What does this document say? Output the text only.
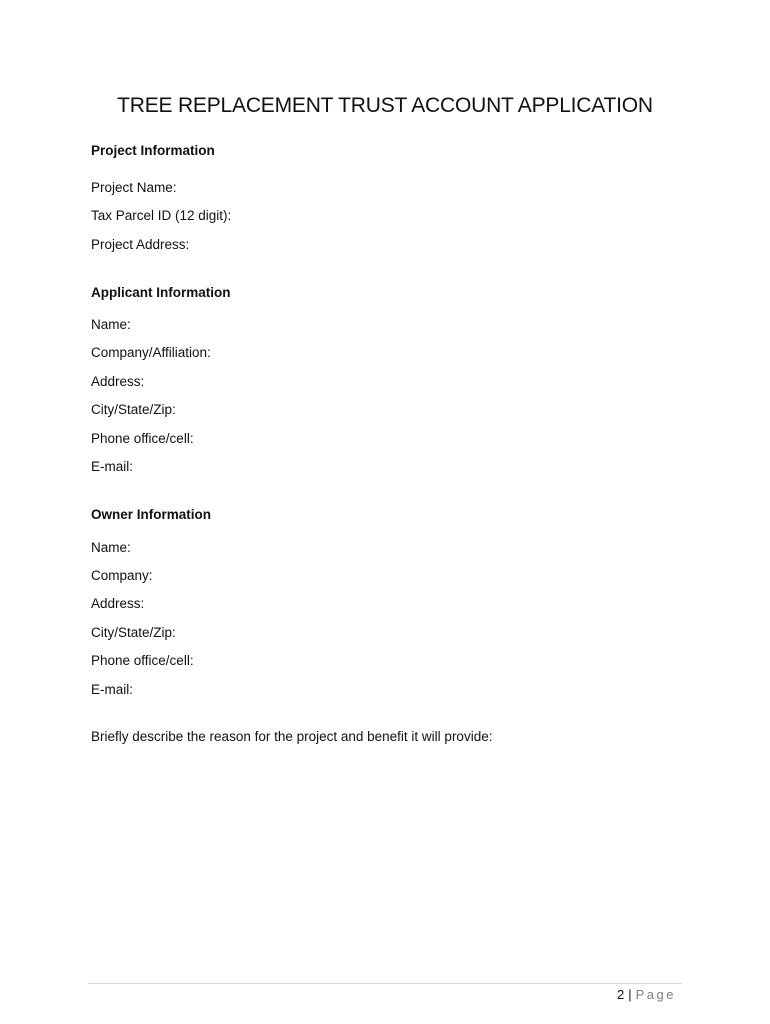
TREE REPLACEMENT TRUST ACCOUNT APPLICATION
Project Information
Project Name:
Tax Parcel ID (12 digit):
Project Address:
Applicant Information
Name:
Company/Affiliation:
Address:
City/State/Zip:
Phone office/cell:
E-mail:
Owner Information
Name:
Company:
Address:
City/State/Zip:
Phone office/cell:
E-mail:
Briefly describe the reason for the project and benefit it will provide:
2 | Page
